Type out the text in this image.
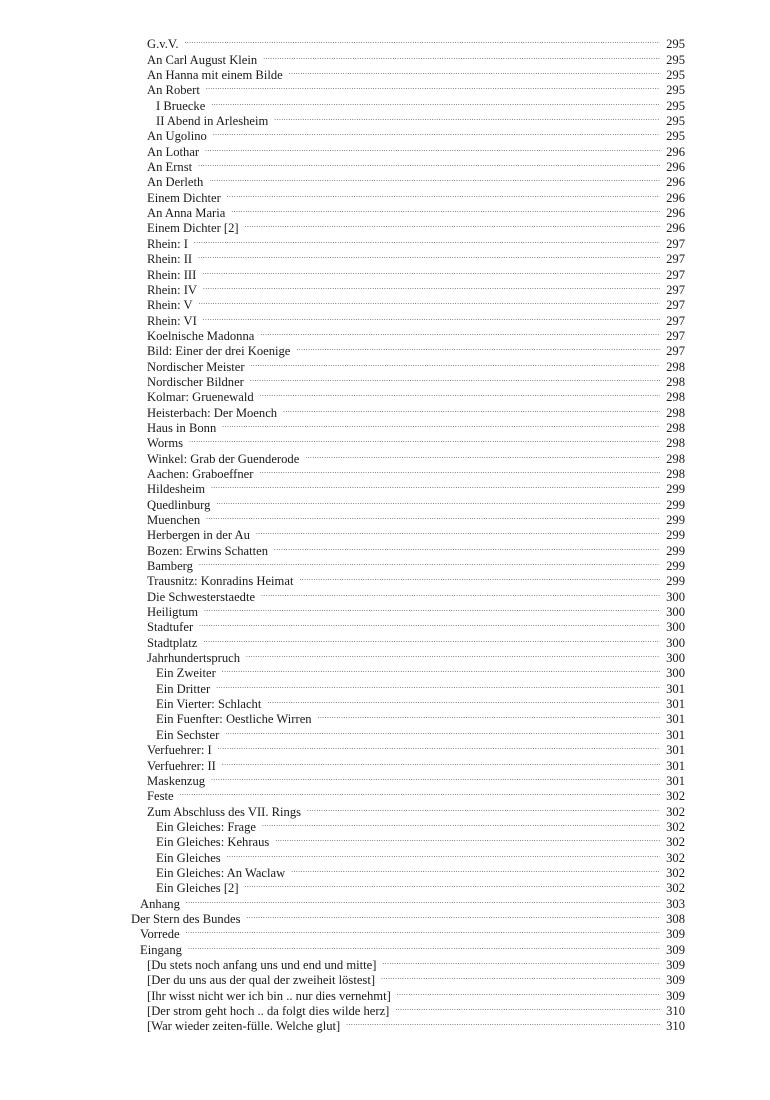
G.v.V. .....	295
An Carl August Klein .....	295
An Hanna mit einem Bilde .....	295
An Robert .....	295
I Bruecke .....	295
II Abend in Arlesheim .....	295
An Ugolino .....	295
An Lothar .....	296
An Ernst .....	296
An Derleth .....	296
Einem Dichter .....	296
An Anna Maria .....	296
Einem Dichter [2] .....	296
Rhein: I .....	297
Rhein: II .....	297
Rhein: III .....	297
Rhein: IV .....	297
Rhein: V .....	297
Rhein: VI .....	297
Koelnische Madonna .....	297
Bild: Einer der drei Koenige .....	297
Nordischer Meister .....	298
Nordischer Bildner .....	298
Kolmar: Gruenewald .....	298
Heisterbach: Der Moench .....	298
Haus in Bonn .....	298
Worms .....	298
Winkel: Grab der Guenderode .....	298
Aachen: Graboeffner .....	298
Hildesheim .....	299
Quedlinburg .....	299
Muenchen .....	299
Herbergen in der Au .....	299
Bozen: Erwins Schatten .....	299
Bamberg .....	299
Trausnitz: Konradins Heimat .....	299
Die Schwesterstaedte .....	300
Heiligtum .....	300
Stadtufer .....	300
Stadtplatz .....	300
Jahrhundertspruch .....	300
Ein Zweiter .....	300
Ein Dritter .....	301
Ein Vierter: Schlacht .....	301
Ein Fuenfter: Oestliche Wirren .....	301
Ein Sechster .....	301
Verfuehrer: I .....	301
Verfuehrer: II .....	301
Maskenzug .....	301
Feste .....	302
Zum Abschluss des VII. Rings .....	302
Ein Gleiches: Frage .....	302
Ein Gleiches: Kehraus .....	302
Ein Gleiches .....	302
Ein Gleiches: An Waclaw .....	302
Ein Gleiches [2] .....	302
Anhang .....	303
Der Stern des Bundes .....	308
Vorrede .....	309
Eingang .....	309
[Du stets noch anfang uns und end und mitte] .....	309
[Der du uns aus der qual der zweiheit löstest] .....	309
[Ihr wisst nicht wer ich bin .. nur dies vernehmt] .....	309
[Der strom geht hoch .. da folgt dies wilde herz] .....	310
[War wieder zeiten-fülle. Welche glut] .....	310
